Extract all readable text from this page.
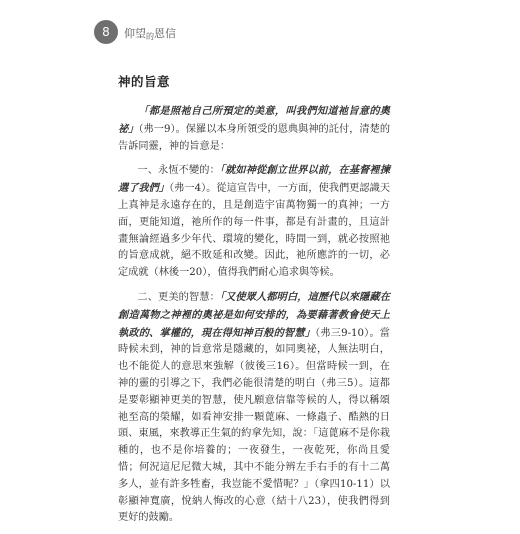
8	仰望的恩信
神的旨意

「都是照祂自己所預定的美意，叫我們知道祂旨意的奧祕」（弗一9）。保羅以本身所領受的恩典與神的託付，清楚的告訴同靈，神的旨意是：

一、永恆不變的：「就如神從創立世界以前，在基督裡揀選了我們」（弗一4）。從這宣告中，一方面，使我們更認識天上真神是永遠存在的，且是創造宇宙萬物獨一的真神；一方面，更能知道，祂所作的每一件事，都是有計畫的，且這計畫無論經過多少年代、環境的變化，時間一到，就必按照祂的旨意成就，絕不敗延和改變。因此，祂所應許的一切，必定成就（林後一20），值得我們耐心追求與等候。

二、更美的智慧：「又使眾人都明白，這歷代以來隱藏在創造萬物之神裡的奧祕是如何安排的，為要藉著教會使天上執政的、掌權的，現在得知神百般的智慧」（弗三9-10）。當時候未到，神的旨意常是隱藏的，如同奧祕，人無法明白，也不能從人的意思來強解（彼後三16）。但當時候一到，在神的靈的引導之下，我們必能很清楚的明白（弗三5）。這都是要彰顯神更美的智慧，使凡願意信靠等候的人，得以稱頌祂至高的榮耀，如看神安排一顆蓖麻、一條蟲子、酷熱的日頭、東風，來教導正生氣的約拿先知，說：「這蓖麻不是你栽種的，也不是你培養的；一夜發生，一夜乾死，你尚且愛惜；何況這尼尼微大城，其中不能分辨左手右手的有十二萬多人，並有許多牲畜，我豈能不愛惜呢？」（拿四10-11）以彰顯神寬廣，悅納人悔改的心意（結十八23），使我們得到更好的鼓勵。
